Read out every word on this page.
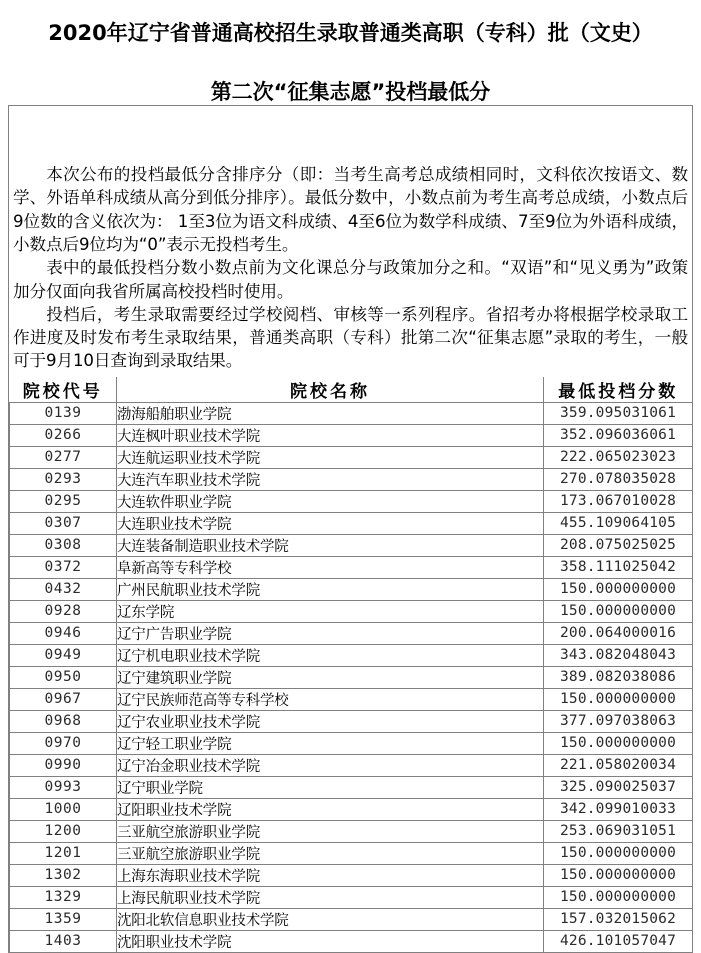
2020年辽宁省普通高校招生录取普通类高职（专科）批（文史）
第二次“征集志愿”投档最低分

本次公布的投档最低分含排序分（即：当考生高考总成绩相同时，文科依次按语文、数学、外语单科成绩从高分到低分排序）。最低分数中，小数点前为考生高考总成绩，小数点后9位数的含义依次为： 1至3位为语文科成绩、4至6位为数学科成绩、7至9位为外语科成绩，小数点后9位均为“0”表示无投档考生。

表中的最低投档分数小数点前为文化课总分与政策加分之和。“双语”和“见义勇为”政策加分仅面向我省所属高校投档时使用。

投档后，考生录取需要经过学校阅档、审核等一系列程序。省招考办将根据学校录取工作进度及时发布考生录取结果，普通类高职（专科）批第二次“征集志愿”录取的考生，一般可于9月10日查询到录取结果。

院校代号	院校名称	最低投档分数
0139	渤海船舶职业学院	359.095031061
0266	大连枫叶职业技术学院	352.096036061
0277	大连航运职业技术学院	222.065023023
0293	大连汽车职业技术学院	270.078035028
0295	大连软件职业学院	173.067010028
0307	大连职业技术学院	455.109064105
0308	大连装备制造职业技术学院	208.075025025
0372	阜新高等专科学校	358.111025042
0432	广州民航职业技术学院	150.000000000
0928	辽东学院	150.000000000
0946	辽宁广告职业学院	200.064000016
0949	辽宁机电职业技术学院	343.082048043
0950	辽宁建筑职业学院	389.082038086
0967	辽宁民族师范高等专科学校	150.000000000
0968	辽宁农业职业技术学院	377.097038063
0970	辽宁轻工职业学院	150.000000000
0990	辽宁冶金职业技术学院	221.058020034
0993	辽宁职业学院	325.090025037
1000	辽阳职业技术学院	342.099010033
1200	三亚航空旅游职业学院	253.069031051
1201	三亚航空旅游职业学院	150.000000000
1302	上海东海职业技术学院	150.000000000
1329	上海民航职业技术学院	150.000000000
1359	沈阳北软信息职业技术学院	157.032015062
1403	沈阳职业技术学院	426.101057047
